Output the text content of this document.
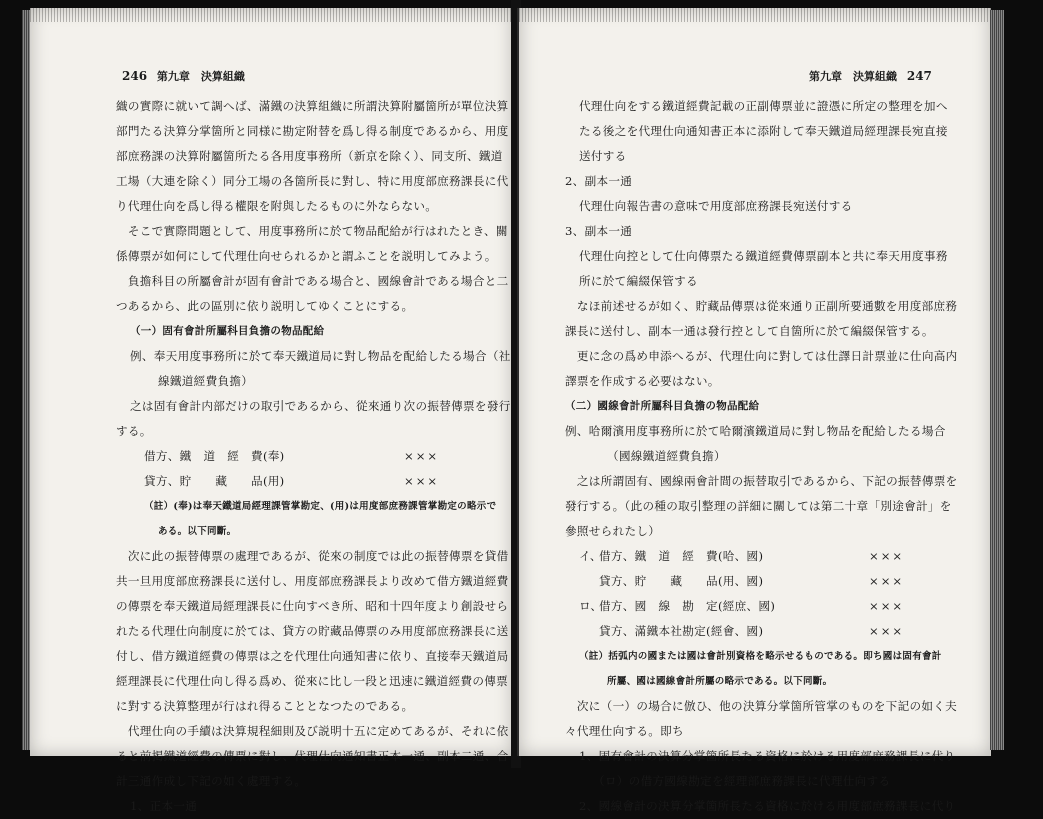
246 第九章　決算組織

織の實際に就いて調へば、滿鐵の決算組織に所謂決算附屬箇所が單位決算

部門たる決算分掌箇所と同様に勘定附替を爲し得る制度であるから、用度

部庶務課の決算附屬箇所たる各用度事務所（新京を除く）、同支所、鐵道

工場（大連を除く）同分工場の各箇所長に對し、特に用度部庶務課長に代

り代理仕向を爲し得る權限を附與したるものに外ならない。

　そこで實際問題として、用度事務所に於て物品配給が行はれたとき、關

係傳票が如何にして代理仕向せられるかと謂ふことを説明してみよう。

　負擔科目の所屬會計が固有會計である場合と、國線會計である場合と二

つあるから、此の區別に依り説明してゆくことにする。

（一）固有會計所屬科目負擔の物品配給

例、奉天用度事務所に於て奉天鐵道局に對し物品を配給したる場合（社

線鐵道經費負擔）

之は固有會計内部だけの取引であるから、從來通り次の振替傳票を發行

する。

借方、鐵　道　經　費(奉)	×××

貸方、貯　　藏　　品(用)	×××

（註）(奉)は奉天鐵道局經理課管掌勘定、(用)は用度部庶務課管掌勘定の略示で

ある。以下同斷。

　次に此の振替傳票の處理であるが、從來の制度では此の振替傳票を貸借

共一旦用度部庶務課長に送付し、用度部庶務課長より改めて借方鐵道經費

の傳票を奉天鐵道局經理課長に仕向すべき所、昭和十四年度より創設せら

れたる代理仕向制度に於ては、貸方の貯藏品傳票のみ用度部庶務課長に送

付し、借方鐵道經費の傳票は之を代理仕向通知書に依り、直接奉天鐵道局

經理課長に代理仕向し得る爲め、從來に比し一段と迅速に鐵道經費の傳票

に對する決算整理が行はれ得ることとなつたのである。

　代理仕向の手續は決算規程細則及び説明十五に定めてあるが、それに依

ると前掲鐵道經費の傳票に對し、代理仕向通知書正本一通、副本二通、合

計三通作成し下記の如く處理する。

1、正本一通

第九章　決算組織 247

代理仕向をする鐵道經費記載の正副傳票並に證憑に所定の整理を加へ

たる後之を代理仕向通知書正本に添附して奉天鐵道局經理課長宛直接

送付する

2、副本一通

代理仕向報告書の意味で用度部庶務課長宛送付する

3、副本一通

代理仕向控として仕向傳票たる鐵道經費傳票副本と共に奉天用度事務

所に於て編綴保管する

　なほ前述せるが如く、貯藏品傳票は從來通り正副所要通數を用度部庶務

課長に送付し、副本一通は發行控として自箇所に於て編綴保管する。

　更に念の爲め申添へるが、代理仕向に對しては仕譯日計票並に仕向高内

譯票を作成する必要はない。

（二）國線會計所屬科目負擔の物品配給

例、哈爾濱用度事務所に於て哈爾濱鐵道局に對し物品を配給したる場合

（國線鐵道經費負擔）

　之は所謂固有、國線兩會計間の振替取引であるから、下記の振替傳票を

發行する。（此の種の取引整理の詳細に關しては第二十章「別途會計」を

參照せられたし）

イ、
借方、鐵　道　經　費(哈、國)	×××

貸方、貯　　藏　　品(用、國)	×××

ロ、
借方、國　線　勘　定(經庶、國)	×××

貸方、滿鐵本社勘定(經會、國)	×××

（註）括弧内の國または國は會計別資格を略示せるものである。即ち國は固有會計

所屬、國は國線會計所屬の略示である。以下同斷。

　次に（一）の場合に倣ひ、他の決算分掌箇所管掌のものを下記の如く夫

々代理仕向する。即ち

1、固有會計の決算分掌箇所長たる資格に於ける用度部庶務課長に代り

（ロ）の借方國線勘定を經理部庶務課長に代理仕向する

2、國線會計の決算分掌箇所長たる資格に於ける用度部庶務課長に代り
